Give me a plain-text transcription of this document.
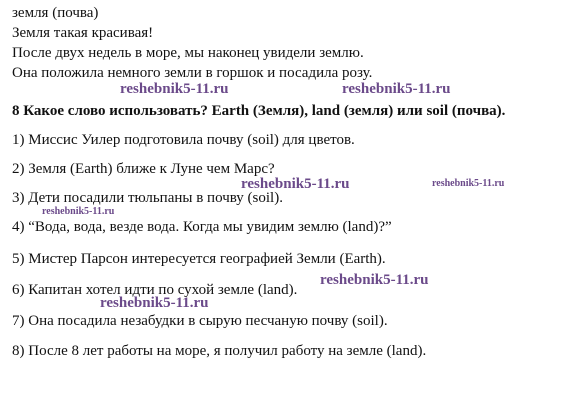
земля (почва)
Земля такая красивая!
После двух недель в море, мы наконец увидели землю.
Она положила немного земли в горшок и посадила розу.
8 Какое слово использовать? Earth (Земля), land (земля) или soil (почва).
1) Миссис Уилер подготовила почву (soil) для цветов.
2) Земля (Earth) ближе к Луне чем Марс?
3) Дети посадили тюльпаны в почву (soil).
4) “Вода, вода, везде вода. Когда мы увидим землю (land)?”
5) Мистер Парсон интересуется географией Земли (Earth).
6) Капитан хотел идти по сухой земле (land).
7) Она посадила незабудки в сырую песчаную почву (soil).
8) После 8 лет работы на море, я получил работу на земле (land).
reshebnik5-11.ru	reshebnik5-11.ru
reshebnik5-11.ru	reshebnik5-11.ru
reshebnik5-11.ru
reshebnik5-11.ru
reshebnik5-11.ru
